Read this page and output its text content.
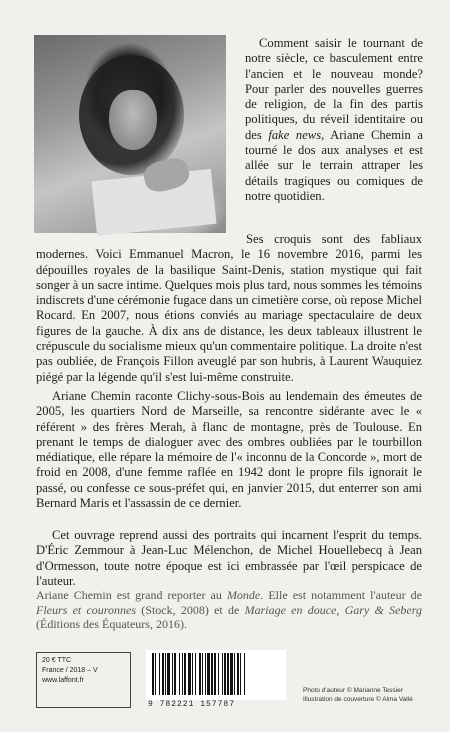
Comment saisir le tournant de notre siècle, ce basculement entre l'ancien et le nouveau monde? Pour parler des nouvelles guerres de religion, de la fin des partis politiques, du réveil identitaire ou des fake news, Ariane Chemin a tourné le dos aux analyses et est allée sur le terrain attraper les détails tragiques ou comiques de notre quotidien.
Ses croquis sont des fabliaux modernes. Voici Emmanuel Macron, le 16 novembre 2016, parmi les dépouilles royales de la basilique Saint-Denis, station mystique qui fait songer à un sacre intime. Quelques mois plus tard, nous sommes les témoins indiscrets d'une cérémonie fugace dans un cimetière corse, où repose Michel Rocard. En 2007, nous étions conviés au mariage spectaculaire de deux figures de la gauche. À dix ans de distance, les deux tableaux illustrent le crépuscule du socialisme mieux qu'un commentaire politique. La droite n'est pas oubliée, de François Fillon aveuglé par son hubris, à Laurent Wauquiez piégé par la légende qu'il s'est lui-même construite.
Ariane Chemin raconte Clichy-sous-Bois au lendemain des émeutes de 2005, les quartiers Nord de Marseille, sa rencontre sidérante avec le « référent » des frères Merah, à flanc de montagne, près de Toulouse. En prenant le temps de dialoguer avec des ombres oubliées par le tourbillon médiatique, elle répare la mémoire de l'« inconnu de la Concorde », mort de froid en 2008, d'une femme raflée en 1942 dont le propre fils ignorait le passé, ou confesse ce sous-préfet qui, en janvier 2015, dut enterrer son ami Bernard Maris et l'assassin de ce dernier.
Cet ouvrage reprend aussi des portraits qui incarnent l'esprit du temps. D'Éric Zemmour à Jean-Luc Mélenchon, de Michel Houellebecq à Jean d'Ormesson, toute notre époque est ici embrassée par l'œil perspicace de l'auteur.
Ariane Chemin est grand reporter au Monde. Elle est notamment l'auteur de Fleurs et couronnes (Stock, 2008) et de Mariage en douce, Gary & Seberg (Éditions des Équateurs, 2016).
20 € TTC
France / 2018 – V
www.laffont.fr
9 782221 157787
Photo d'auteur © Marianne Tessier
Illustration de couverture © Alma Vallé
